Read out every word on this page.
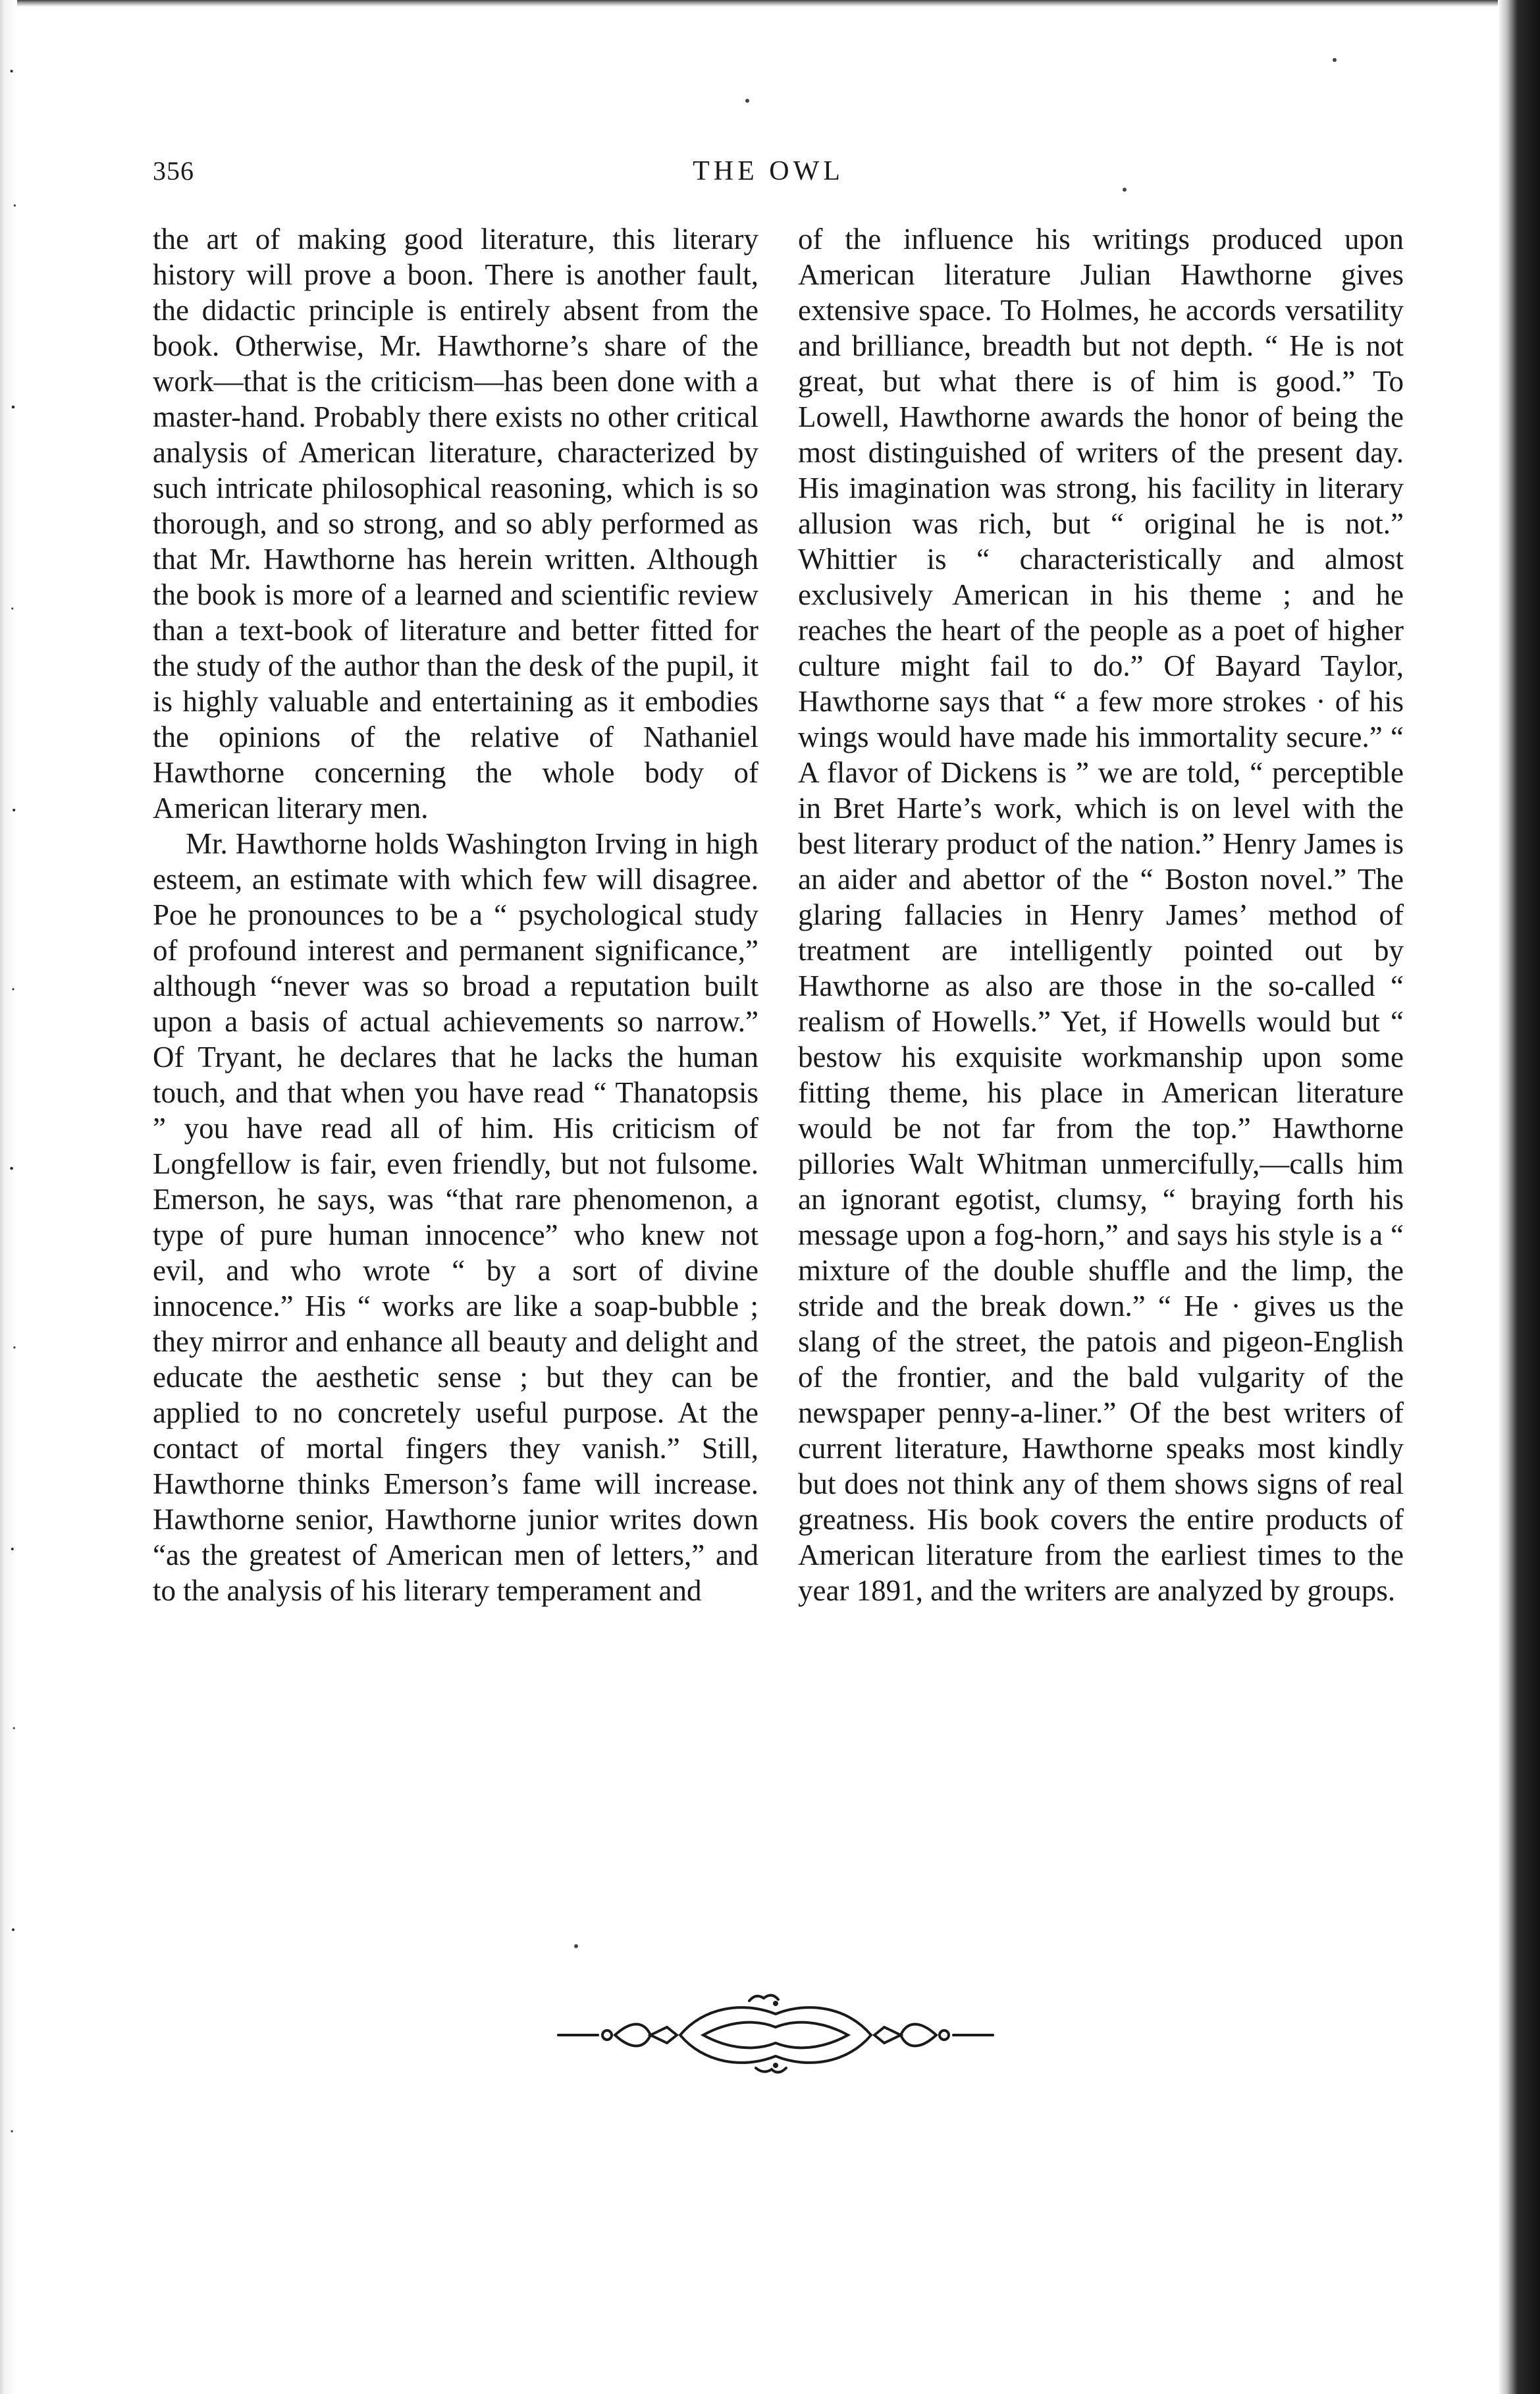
356	THE OWL

the art of making good literature, this literary history will prove a boon. There is another fault, the didactic principle is entirely absent from the book. Otherwise, Mr. Hawthorne’s share of the work—that is the criticism—has been done with a master-hand. Probably there exists no other critical analysis of American literature, characterized by such intricate philosophical reasoning, which is so thorough, and so strong, and so ably performed as that Mr. Hawthorne has herein written. Although the book is more of a learned and scientific review than a text-book of literature and better fitted for the study of the author than the desk of the pupil, it is highly valuable and entertaining as it embodies the opinions of the relative of Nathaniel Hawthorne concerning the whole body of American literary men.

Mr. Hawthorne holds Washington Irving in high esteem, an estimate with which few will disagree. Poe he pronounces to be a “ psychological study of profound interest and permanent significance,” although “never was so broad a reputation built upon a basis of actual achievements so narrow.” Of Tryant, he declares that he lacks the human touch, and that when you have read “ Thanatopsis ” you have read all of him. His criticism of Longfellow is fair, even friendly, but not fulsome. Emerson, he says, was “that rare phenomenon, a type of pure human innocence” who knew not evil, and who wrote “ by a sort of divine innocence.” His “ works are like a soap-bubble ; they mirror and enhance all beauty and delight and educate the aesthetic sense ; but they can be applied to no concretely useful purpose. At the contact of mortal fingers they vanish.” Still, Hawthorne thinks Emerson’s fame will increase. Hawthorne senior, Hawthorne junior writes down “as the greatest of American men of letters,” and to the analysis of his literary temperament and

of the influence his writings produced upon American literature Julian Hawthorne gives extensive space. To Holmes, he accords versatility and brilliance, breadth but not depth. “ He is not great, but what there is of him is good.” To Lowell, Hawthorne awards the honor of being the most distinguished of writers of the present day. His imagination was strong, his facility in literary allusion was rich, but “ original he is not.” Whittier is “ characteristically and almost exclusively American in his theme ; and he reaches the heart of the people as a poet of higher culture might fail to do.” Of Bayard Taylor, Hawthorne says that “ a few more strokes · of his wings would have made his immortality secure.” “ A flavor of Dickens is ” we are told, “ perceptible in Bret Harte’s work, which is on level with the best literary product of the nation.” Henry James is an aider and abettor of the “ Boston novel.” The glaring fallacies in Henry James’ method of treatment are intelligently pointed out by Hawthorne as also are those in the so-called “ realism of Howells.” Yet, if Howells would but “ bestow his exquisite workmanship upon some fitting theme, his place in American literature would be not far from the top.” Hawthorne pillories Walt Whitman unmercifully,—calls him an ignorant egotist, clumsy, “ braying forth his message upon a fog-horn,” and says his style is a “ mixture of the double shuffle and the limp, the stride and the break down.” “ He · gives us the slang of the street, the patois and pigeon-English of the frontier, and the bald vulgarity of the newspaper penny-a-liner.” Of the best writers of current literature, Hawthorne speaks most kindly but does not think any of them shows signs of real greatness. His book covers the entire products of American literature from the earliest times to the year 1891, and the writers are analyzed by groups.
